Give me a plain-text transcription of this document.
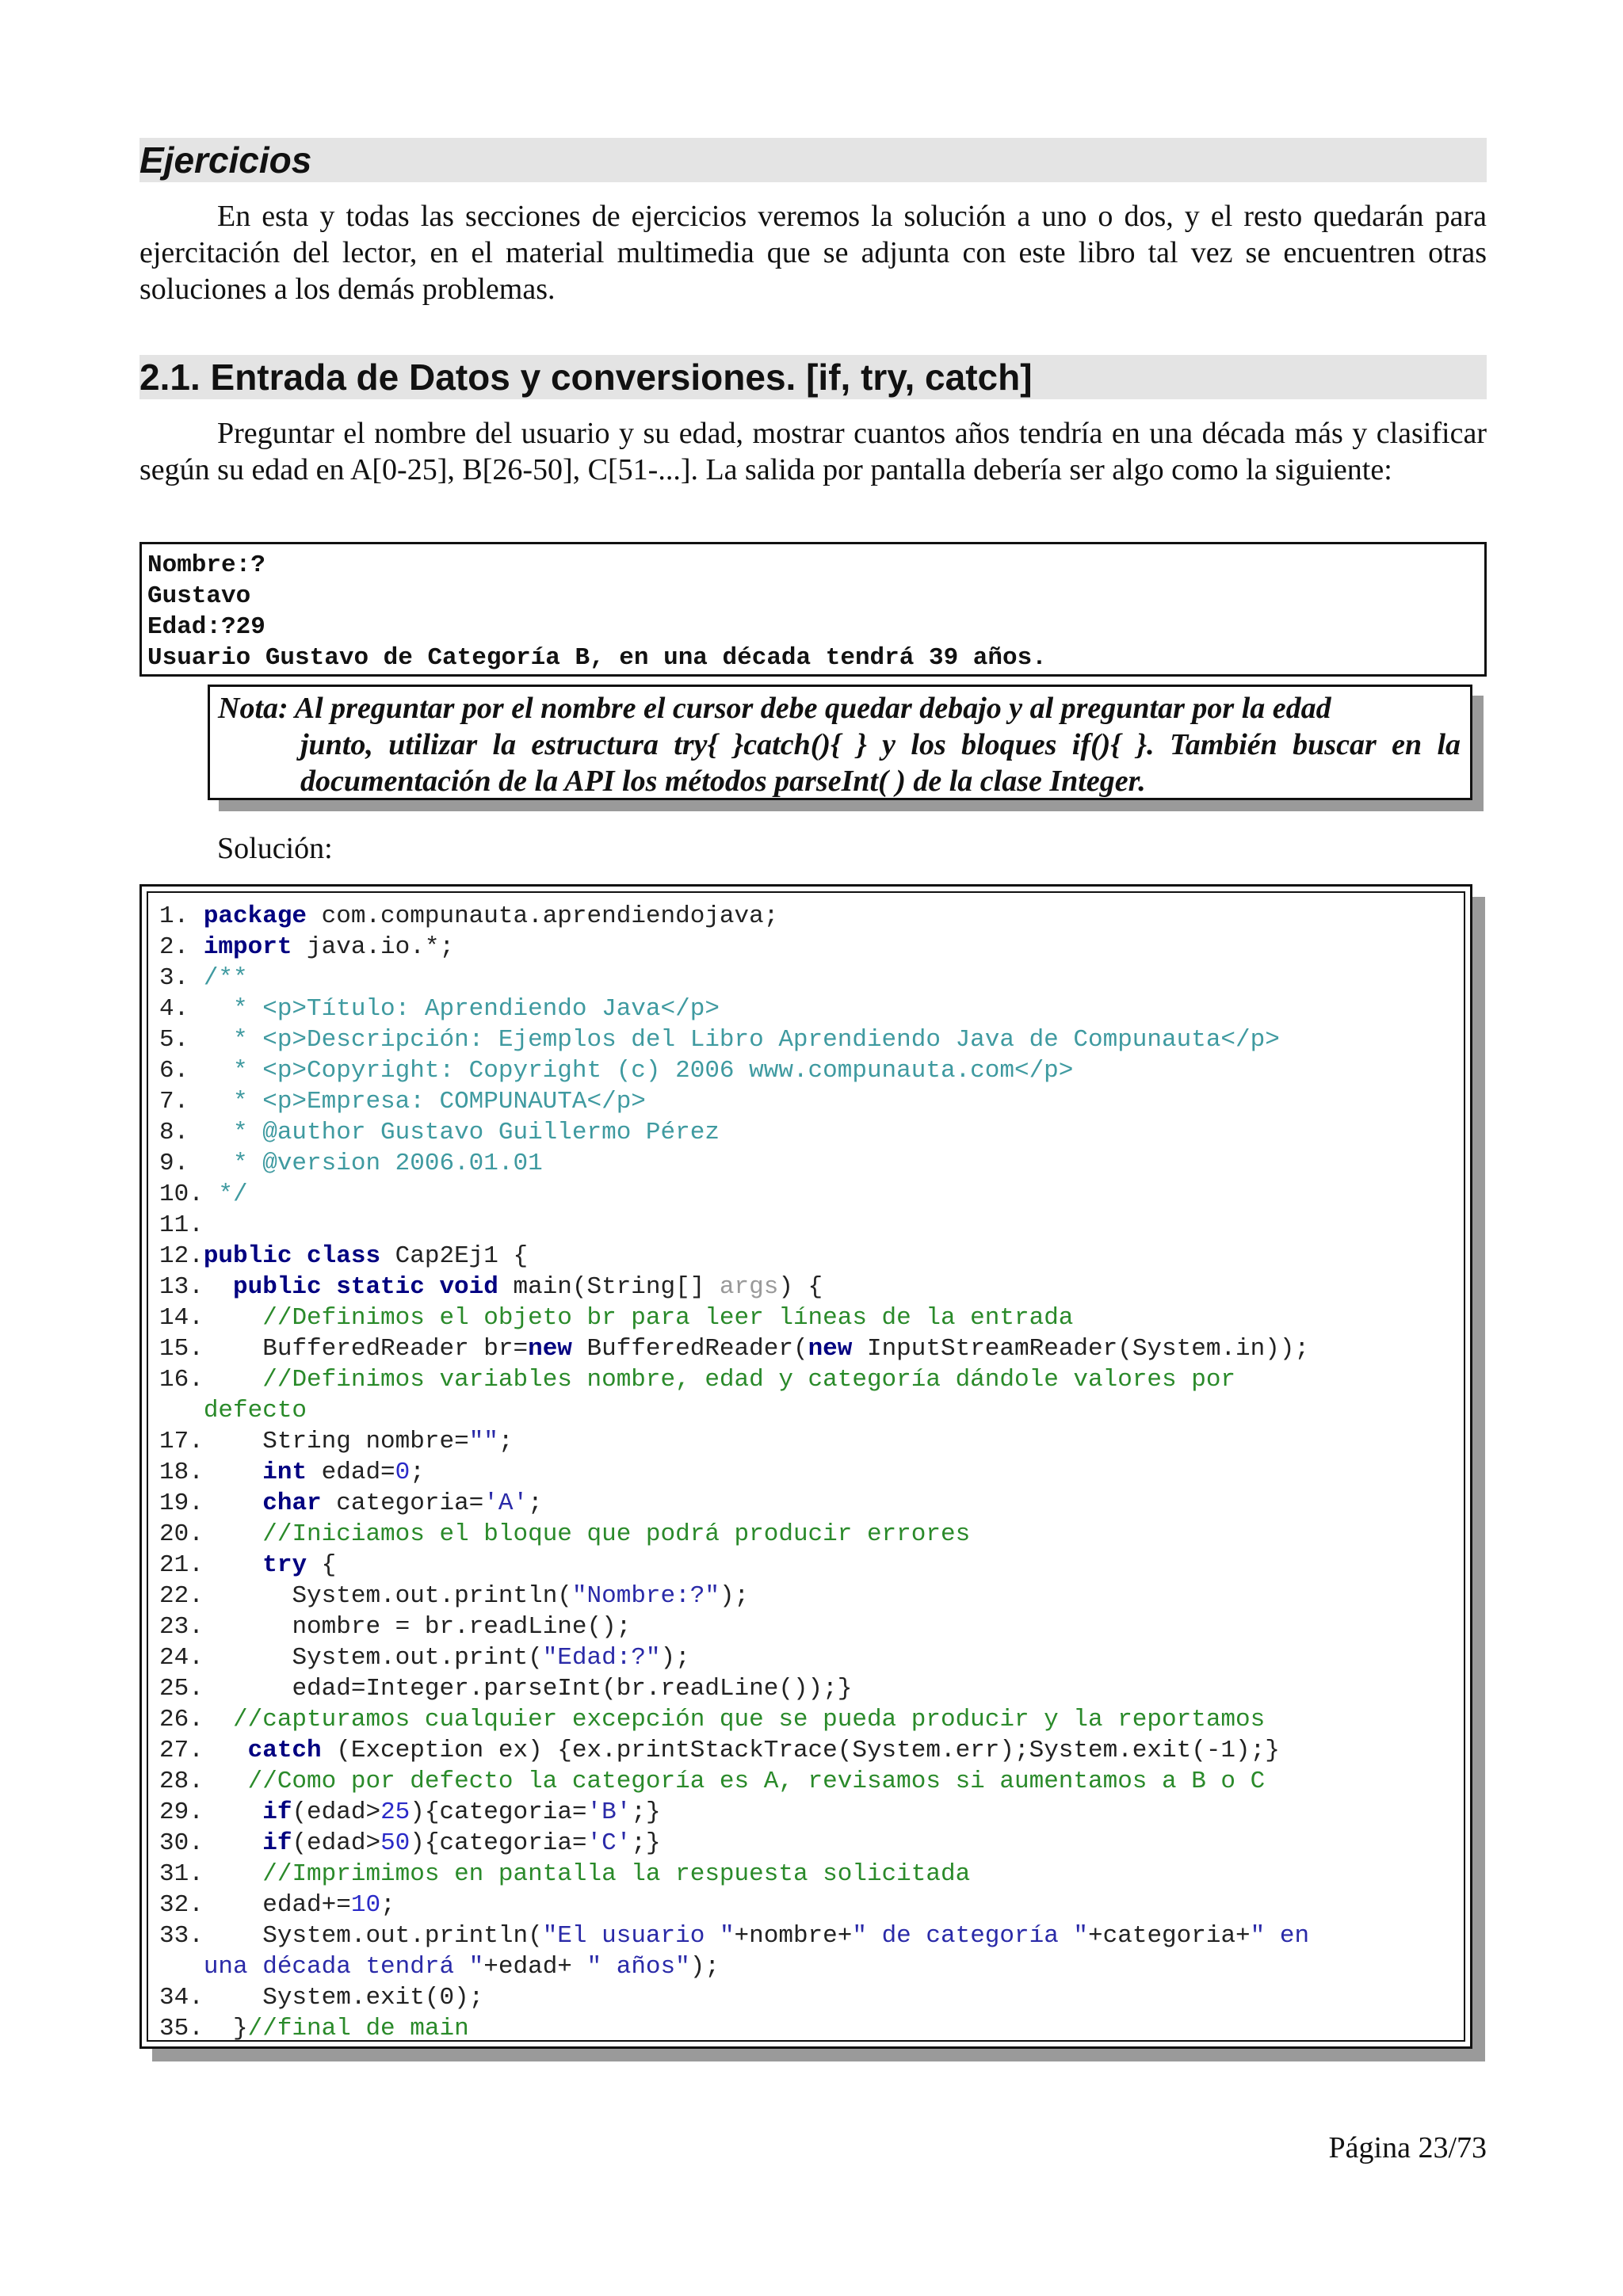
Ejercicios

En esta y todas las secciones de ejercicios veremos la solución a uno o dos, y el resto quedarán para ejercitación del lector, en el material multimedia que se adjunta con este libro tal vez se encuentren otras soluciones a los demás problemas.

2.1. Entrada de Datos y conversiones. [if, try, catch]

Preguntar el nombre del usuario y su edad, mostrar cuantos años tendría en una década más y clasificar según su edad en A[0-25], B[26-50], C[51-...]. La salida por pantalla debería ser algo como la siguiente:

Nombre:?
Gustavo
Edad:?29
Usuario Gustavo de Categoría B, en una década tendrá 39 años.
Nota: Al preguntar por el nombre el cursor debe quedar debajo y al preguntar por la edad
junto, utilizar la estructura try{ }catch(){ } y los bloques if(){ }. También buscar en la documentación de la API los métodos parseInt( ) de la clase Integer.
Solución:
1. package com.compunauta.aprendiendojava;
2. import java.io.*;
3. /**
4.   * <p>Título: Aprendiendo Java</p>
5.   * <p>Descripción: Ejemplos del Libro Aprendiendo Java de Compunauta</p>
6.   * <p>Copyright: Copyright (c) 2006 www.compunauta.com</p>
7.   * <p>Empresa: COMPUNAUTA</p>
8.   * @author Gustavo Guillermo Pérez
9.   * @version 2006.01.01
10. */
11.
12.public class Cap2Ej1 {
13.  public static void main(String[] args) {
14.    //Definimos el objeto br para leer líneas de la entrada
15.    BufferedReader br=new BufferedReader(new InputStreamReader(System.in));
16.    //Definimos variables nombre, edad y categoría dándole valores por
defecto
17.    String nombre="";
18.    int edad=0;
19.    char categoria='A';
20.    //Iniciamos el bloque que podrá producir errores
21.    try {
22.      System.out.println("Nombre:?");
23.      nombre = br.readLine();
24.      System.out.print("Edad:?");
25.      edad=Integer.parseInt(br.readLine());}
26.  //capturamos cualquier excepción que se pueda producir y la reportamos
27.   catch (Exception ex) {ex.printStackTrace(System.err);System.exit(-1);}
28.   //Como por defecto la categoría es A, revisamos si aumentamos a B o C
29.    if(edad>25){categoria='B';}
30.    if(edad>50){categoria='C';}
31.    //Imprimimos en pantalla la respuesta solicitada
32.    edad+=10;
33.    System.out.println("El usuario "+nombre+" de categoría "+categoria+" en
una década tendrá "+edad+ " años");
34.    System.exit(0);
35.  }//final de main
Página 23/73
